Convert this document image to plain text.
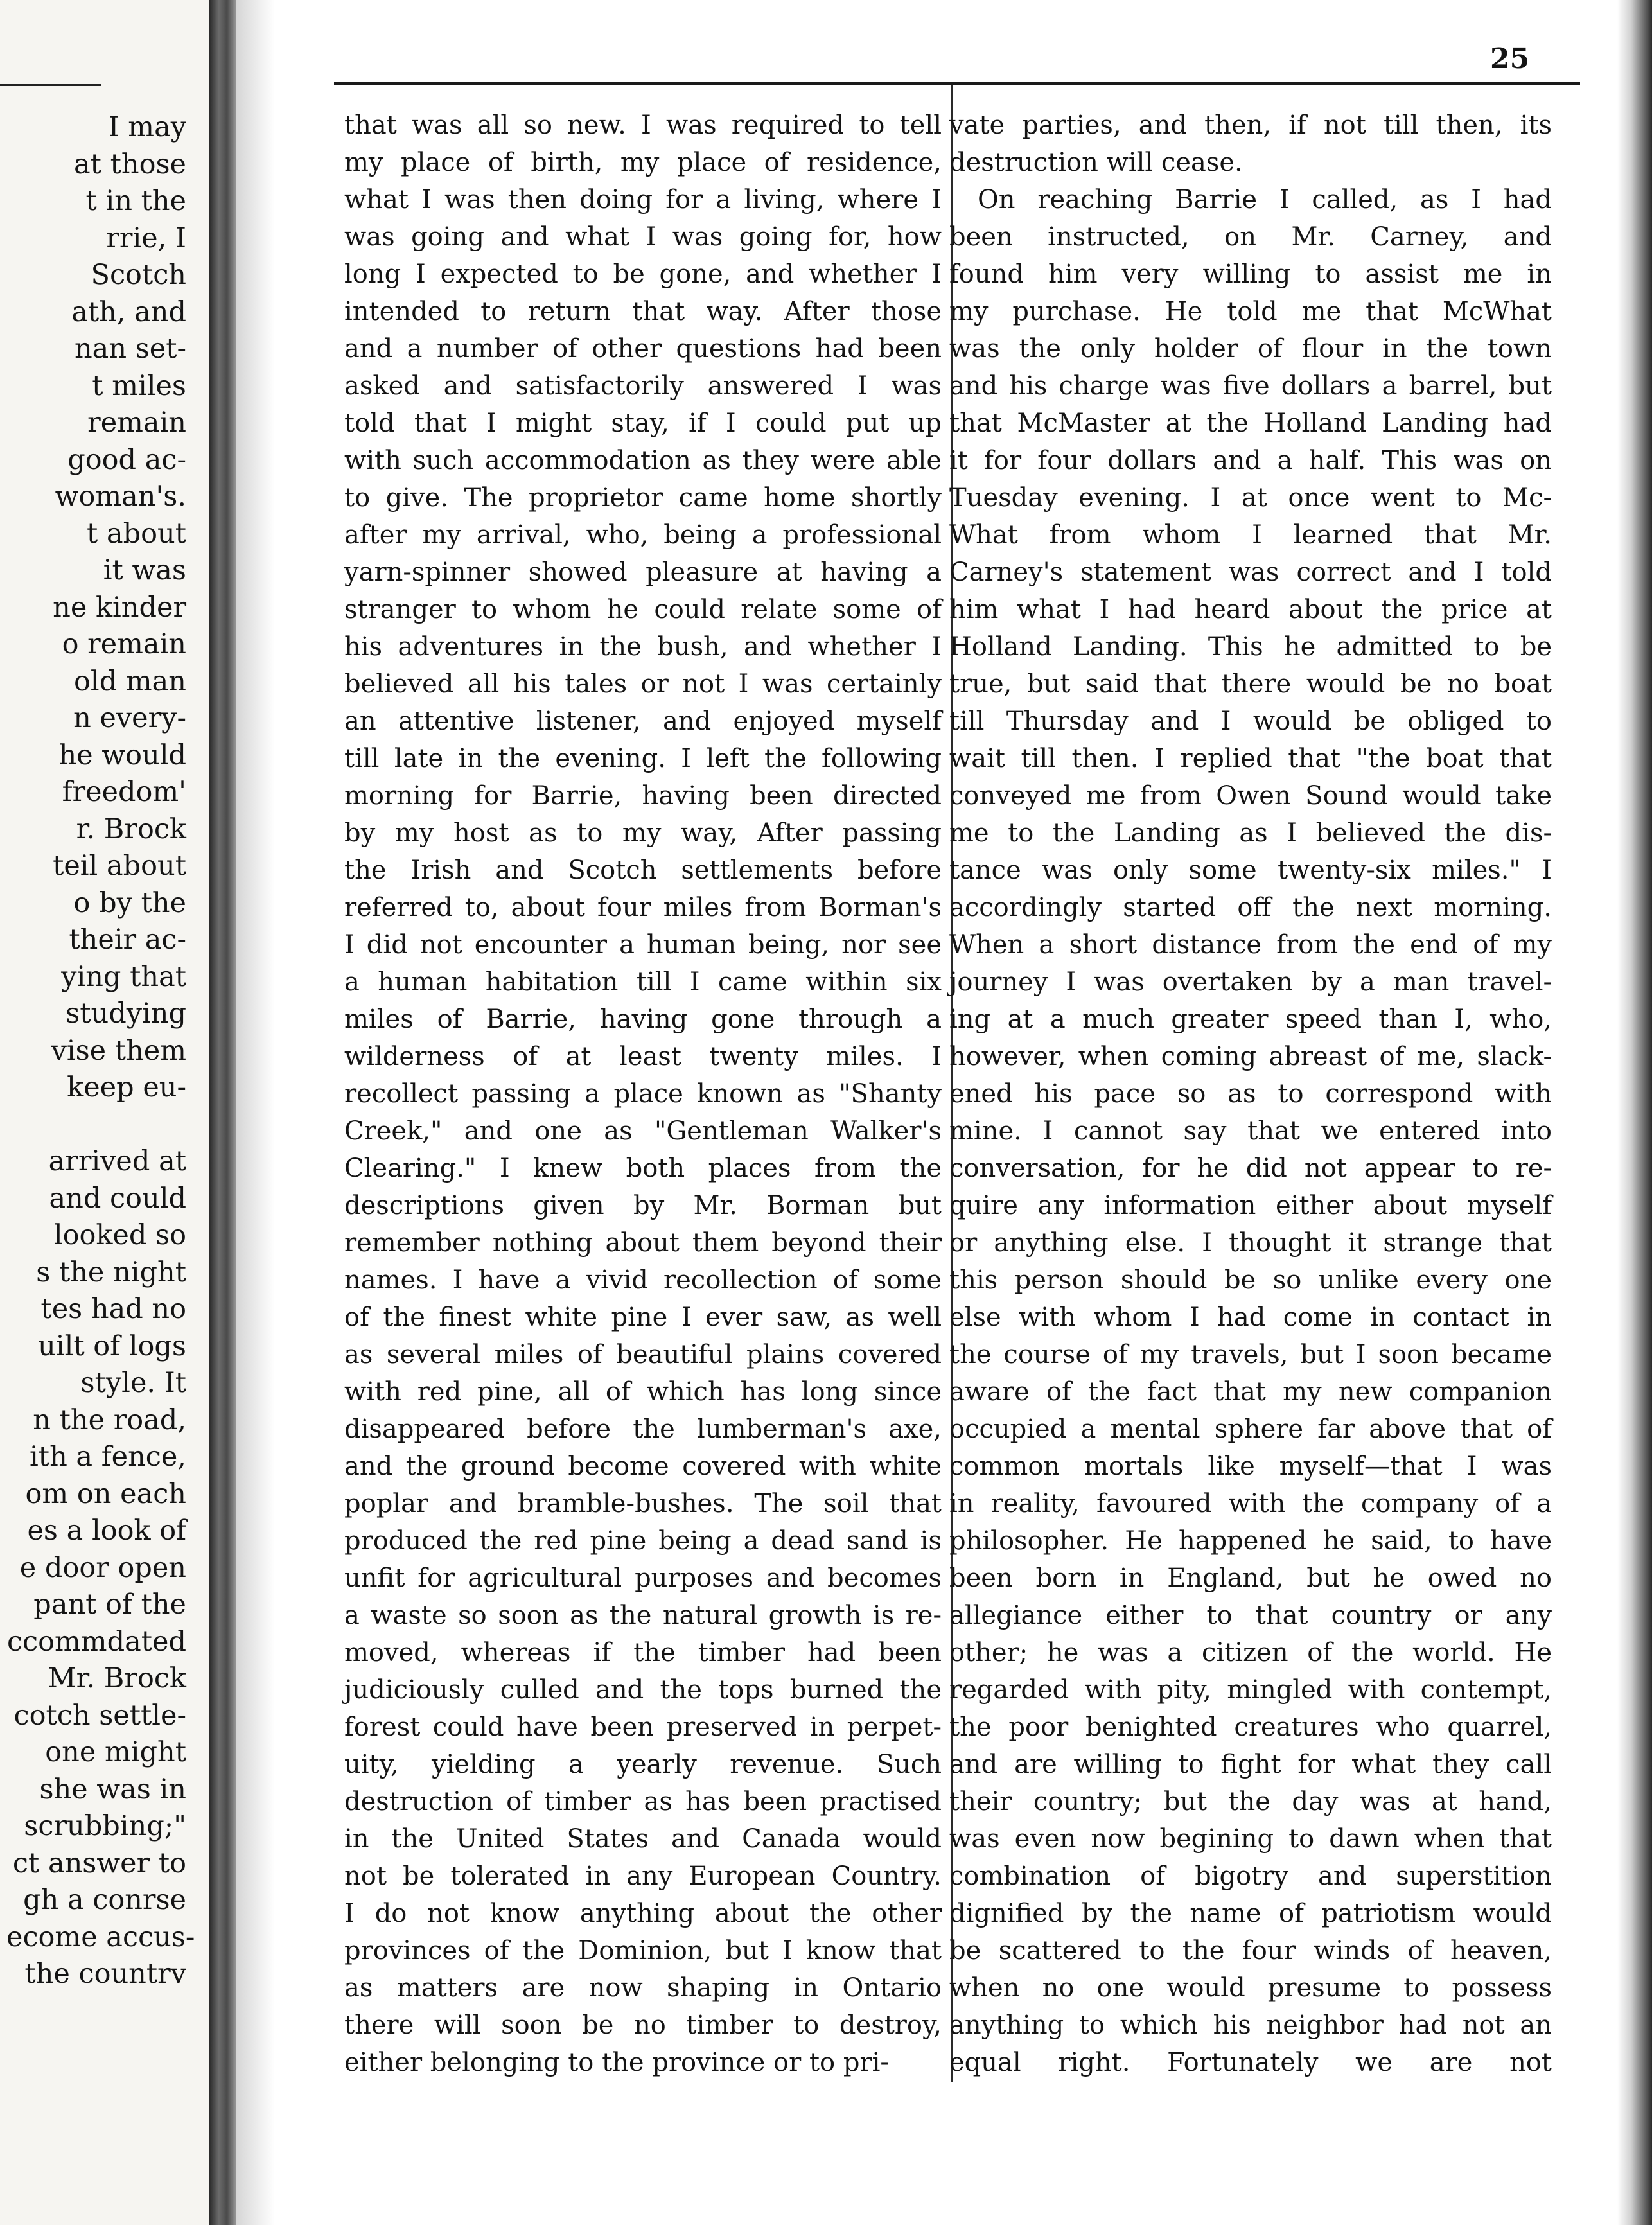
I may
at those
t in the
rrie, I
Scotch
ath, and
nan set-
t miles
remain
good ac-
woman's.
t about
it was
ne kinder
o remain
old man
n every-
he would
freedom'
r. Brock
teil about
o by the
their ac-
ying that
studying
vise them
keep eu-
arrived at
and could
looked so
s the night
tes had no
uilt of logs
style. It
n the road,
ith a fence,
om on each
es a look of
e door open
pant of the
ccommdated
Mr. Brock
cotch settle-
one might
she was in
scrubbing;"
ct answer to
gh a conrse
ecome accus-
the countrv
25
that was all so new. I was required to tell
my place of birth, my place of residence,
what I was then doing for a living, where I
was going and what I was going for, how
long I expected to be gone, and whether I
intended to return that way. After those
and a number of other questions had been
asked and satisfactorily answered I was
told that I might stay, if I could put up
with such accommodation as they were able
to give. The proprietor came home shortly
after my arrival, who, being a professional
yarn-spinner showed pleasure at having a
stranger to whom he could relate some of
his adventures in the bush, and whether I
believed all his tales or not I was certainly
an attentive listener, and enjoyed myself
till late in the evening. I left the following
morning for Barrie, having been directed
by my host as to my way, After passing
the Irish and Scotch settlements before
referred to, about four miles from Borman's
I did not encounter a human being, nor see
a human habitation till I came within six
miles of Barrie, having gone through a
wilderness of at least twenty miles. I
recollect passing a place known as "Shanty
Creek," and one as "Gentleman Walker's
Clearing." I knew both places from the
descriptions given by Mr. Borman but
remember nothing about them beyond their
names. I have a vivid recollection of some
of the finest white pine I ever saw, as well
as several miles of beautiful plains covered
with red pine, all of which has long since
disappeared before the lumberman's axe,
and the ground become covered with white
poplar and bramble-bushes. The soil that
produced the red pine being a dead sand is
unfit for agricultural purposes and becomes
a waste so soon as the natural growth is re-
moved, whereas if the timber had been
judiciously culled and the tops burned the
forest could have been preserved in perpet-
uity, yielding a yearly revenue. Such
destruction of timber as has been practised
in the United States and Canada would
not be tolerated in any European Country.
I do not know anything about the other
provinces of the Dominion, but I know that
as matters are now shaping in Ontario
there will soon be no timber to destroy,
either belonging to the province or to pri-
vate parties, and then, if not till then, its
destruction will cease.
On reaching Barrie I called, as I had
been instructed, on Mr. Carney, and
found him very willing to assist me in
my purchase. He told me that McWhat
was the only holder of flour in the town
and his charge was five dollars a barrel, but
that McMaster at the Holland Landing had
it for four dollars and a half. This was on
Tuesday evening. I at once went to Mc-
What from whom I learned that Mr.
Carney's statement was correct and I told
him what I had heard about the price at
Holland Landing. This he admitted to be
true, but said that there would be no boat
till Thursday and I would be obliged to
wait till then. I replied that "the boat that
conveyed me from Owen Sound would take
me to the Landing as I believed the dis-
tance was only some twenty-six miles." I
accordingly started off the next morning.
When a short distance from the end of my
journey I was overtaken by a man travel-
ing at a much greater speed than I, who,
however, when coming abreast of me, slack-
ened his pace so as to correspond with
mine. I cannot say that we entered into
conversation, for he did not appear to re-
quire any information either about myself
or anything else. I thought it strange that
this person should be so unlike every one
else with whom I had come in contact in
the course of my travels, but I soon became
aware of the fact that my new companion
occupied a mental sphere far above that of
common mortals like myself—that I was
in reality, favoured with the company of a
philosopher. He happened he said, to have
been born in England, but he owed no
allegiance either to that country or any
other; he was a citizen of the world. He
regarded with pity, mingled with contempt,
the poor benighted creatures who quarrel,
and are willing to fight for what they call
their country; but the day was at hand,
was even now begining to dawn when that
combination of bigotry and superstition
dignified by the name of patriotism would
be scattered to the four winds of heaven,
when no one would presume to possess
anything to which his neighbor had not an
equal right. Fortunately we are not
